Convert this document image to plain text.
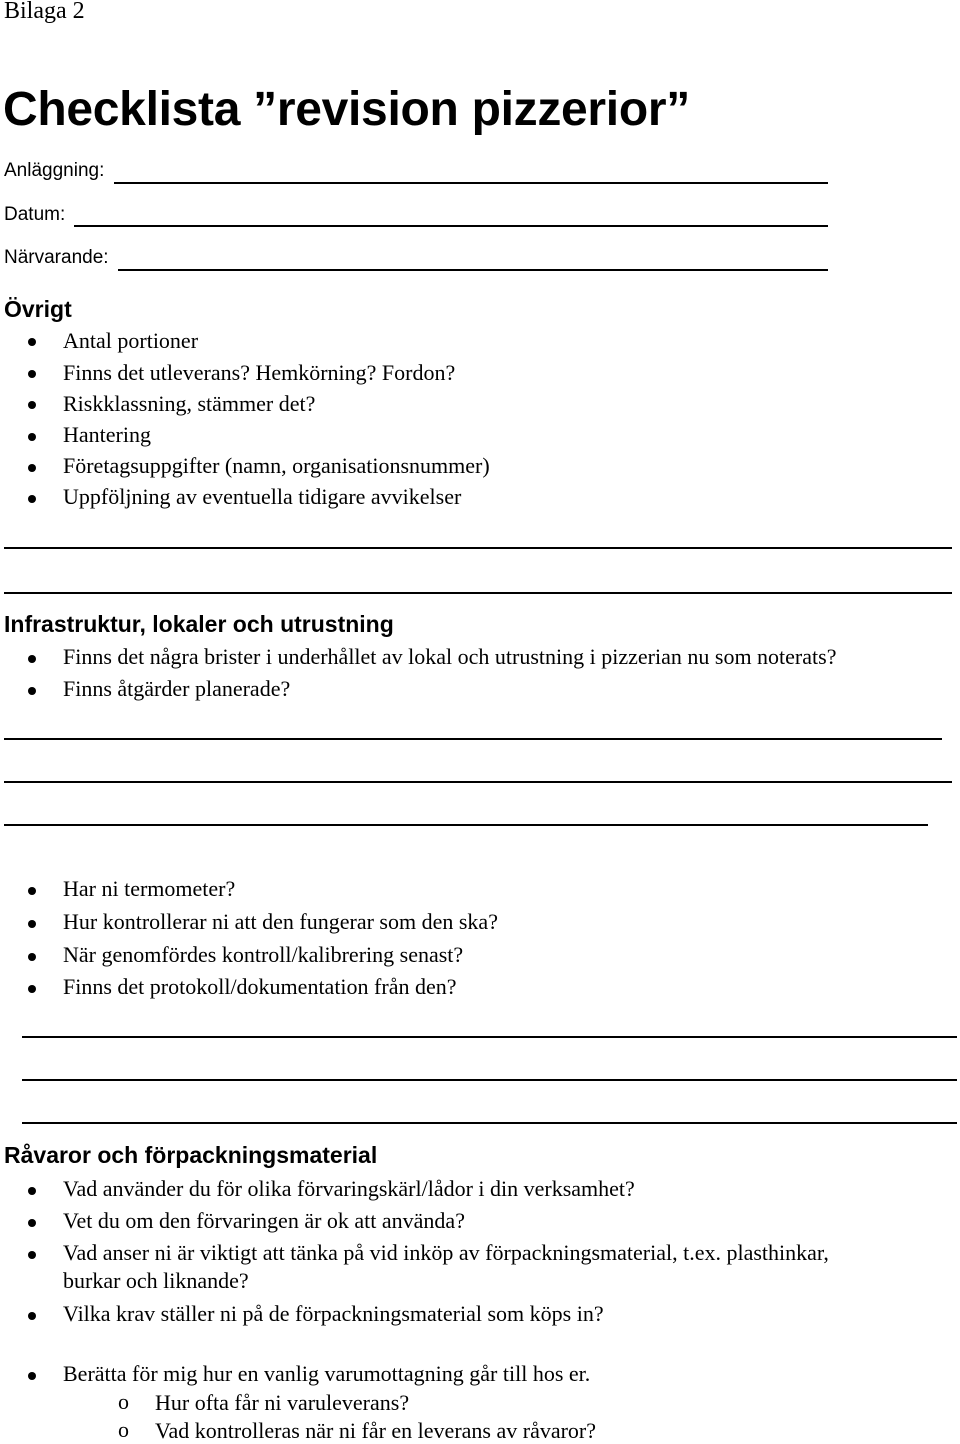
Bilaga 2

Checklista ”revision pizzerior”
Anläggning:
Datum:
Närvarande:
Övrigt
Antal portioner
Finns det utleverans? Hemkörning? Fordon?
Riskklassning, stämmer det?
Hantering
Företagsuppgifter (namn, organisationsnummer)
Uppföljning av eventuella tidigare avvikelser
Infrastruktur, lokaler och utrustning
Finns det några brister i underhållet av lokal och utrustning i pizzerian nu som noterats?
Finns åtgärder planerade?
Har ni termometer?
Hur kontrollerar ni att den fungerar som den ska?
När genomfördes kontroll/kalibrering senast?
Finns det protokoll/dokumentation från den?
Råvaror och förpackningsmaterial
Vad använder du för olika förvaringskärl/lådor i din verksamhet?
Vet du om den förvaringen är ok att använda?
Vad anser ni är viktigt att tänka på vid inköp av förpackningsmaterial, t.ex. plasthinkar,
burkar och liknande?
Vilka krav ställer ni på de förpackningsmaterial som köps in?
Berätta för mig hur en vanlig varumottagning går till hos er.
o Hur ofta får ni varuleverans?
o Vad kontrolleras när ni får en leverans av råvaror?
